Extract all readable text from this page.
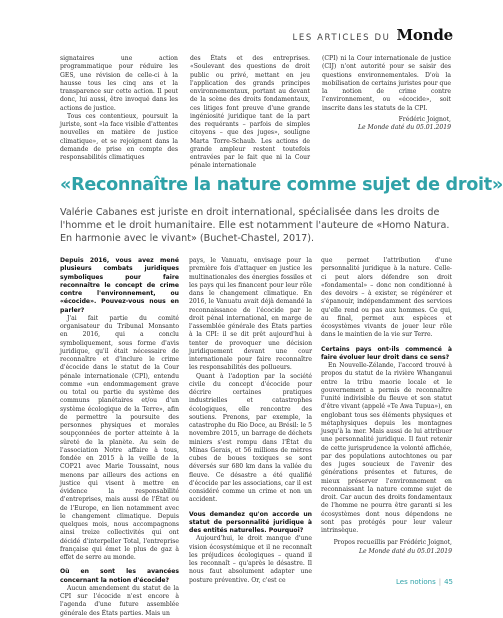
LES ARTICLES DU Monde

signataires une action programmatique pour réduire les GES, une révision de celle-ci à la hausse tous les cinq ans et la transparence sur cette action. Il peut donc, lui aussi, être invoqué dans les actions de justice.

Tous ces contentieux, poursuit la juriste, sont «la face visible d'attentes nouvelles en matière de justice climatique», et se rejoignent dans la demande de prise en compte des responsabilités climatiques

des États et des entreprises. «Soulevant des questions de droit public ou privé, mettant en jeu l'application des grands principes environnementaux, portant au devant de la scène des droits fondamentaux, ces litiges font preuve d'une grande ingéniosité juridique tant de la part des requérants – parfois de simples citoyens – que des juges», souligne Marta Torre-Schaub. Les actions de grande ampleur restent toutefois entravées par le fait que ni la Cour pénale internationale

(CPI) ni la Cour internationale de justice (CIJ) n'ont autorité pour se saisir des questions environnementales. D'où la mobilisation de certains juristes pour que la notion de crime contre l'environnement, ou «écocide», soit inscrite dans les statuts de la CPI.

Frédéric Joignot,

Le Monde daté du 05.01.2019

«Reconnaître la nature comme sujet de droit»

Valérie Cabanes est juriste en droit international, spécialisée dans les droits de l'homme et le droit humanitaire. Elle est notamment l'auteure de «Homo Natura. En harmonie avec le vivant» (Buchet-Chastel, 2017).

Depuis 2016, vous avez mené plusieurs combats juridiques symboliques pour faire reconnaître le concept de crime contre l'environnement, ou «écocide». Pouvez-vous nous en parler?

J'ai fait partie du comité organisateur du Tribunal Monsanto en 2016, qui a conclu symboliquement, sous forme d'avis juridique, qu'il était nécessaire de reconnaître et d'inclure le crime d'écocide dans le statut de la Cour pénale internationale (CPI), entendu comme «un endommagement grave ou total ou partie du système des communs planétaires et/ou d'un système écologique de la Terre», afin de permettre la poursuite des personnes physiques et morales soupçonnées de porter atteinte à la sûreté de la planète. Au sein de l'association Notre affaire à tous, fondée en 2015 à la veille de la COP21 avec Marie Toussaint, nous menons par ailleurs des actions en justice qui visent à mettre en évidence la responsabilité d'entreprises, mais aussi de l'État ou de l'Europe, en lien notamment avec le changement climatique. Depuis quelques mois, nous accompagnons ainsi treize collectivités qui ont décidé d'interpeller Total, l'entreprise française qui émet le plus de gaz à effet de serre au monde.

Où en sont les avancées concernant la notion d'écocide?

Aucun amendement du statut de la CPI sur l'écocide n'est encore à l'agenda d'une future assemblée générale des États parties. Mais un

pays, le Vanuatu, envisage pour la première fois d'attaquer en justice les multinationales des énergies fossiles et les pays qui les financent pour leur rôle dans le changement climatique. En 2016, le Vanuatu avait déjà demandé la reconnaissance de l'écocide par le droit pénal international, en marge de l'assemblée générale des États parties à la CPI: il se dit prêt aujourd'hui à tenter de provoquer une décision juridiquement devant une cour internationale pour faire reconnaître les responsabilités des pollueurs.

Quant à l'adoption par la société civile du concept d'écocide pour décrire certaines pratiques industrielles et catastrophes écologiques, elle rencontre des soutiens. Prenons, par exemple, la catastrophe du Rio Doce, au Brésil: le 5 novembre 2015, un barrage de déchets miniers s'est rompu dans l'État du Minas Gerais, et 56 millions de mètres cubes de boues toxiques se sont déversés sur 680 km dans la vallée du fleuve. Ce désastre a été qualifié d'écocide par les associations, car il est considéré comme un crime et non un accident.

Vous demandez qu'on accorde un statut de personnalité juridique à des entités naturelles. Pourquoi?

Aujourd'hui, le droit manque d'une vision écosystémique et il ne reconnaît les préjudices écologiques – quand il les reconnaît – qu'après le désastre. Il nous faut absolument adapter une posture préventive. Or, c'est ce

que permet l'attribution d'une personnalité juridique à la nature. Celle-ci peut alors défendre son droit «fondamental» – donc non conditionné à des devoirs – à exister, se régénérer et s'épanouir, indépendamment des services qu'elle rend ou pas aux hommes. Ce qui, au final, permet aux espèces et écosystèmes vivants de jouer leur rôle dans le maintien de la vie sur Terre.

Certains pays ont-ils commencé à faire évoluer leur droit dans ce sens?

En Nouvelle-Zélande, l'accord trouvé à propos du statut de la rivière Whanganui entre la tribu maorie locale et le gouvernement a permis de reconnaître l'unité indivisible du fleuve et son statut d'être vivant (appelé «Te Awa Tupua»), en englobant tous ses éléments physiques et métaphysiques depuis les montagnes jusqu'à la mer. Mais aussi de lui attribuer une personnalité juridique. Il faut retenir de cette jurisprudence la volonté affichée, par des populations autochtones ou par des juges soucieux de l'avenir des générations présentes et futures, de mieux préserver l'environnement en reconnaissant la nature comme sujet de droit. Car aucun des droits fondamentaux de l'homme ne pourra être garanti si les écosystèmes dont nous dépendons ne sont pas protégés pour leur valeur intrinsèque.

Propos recueillis par Frédéric Joignot,

Le Monde daté du 05.01.2019

Les notions | 45
